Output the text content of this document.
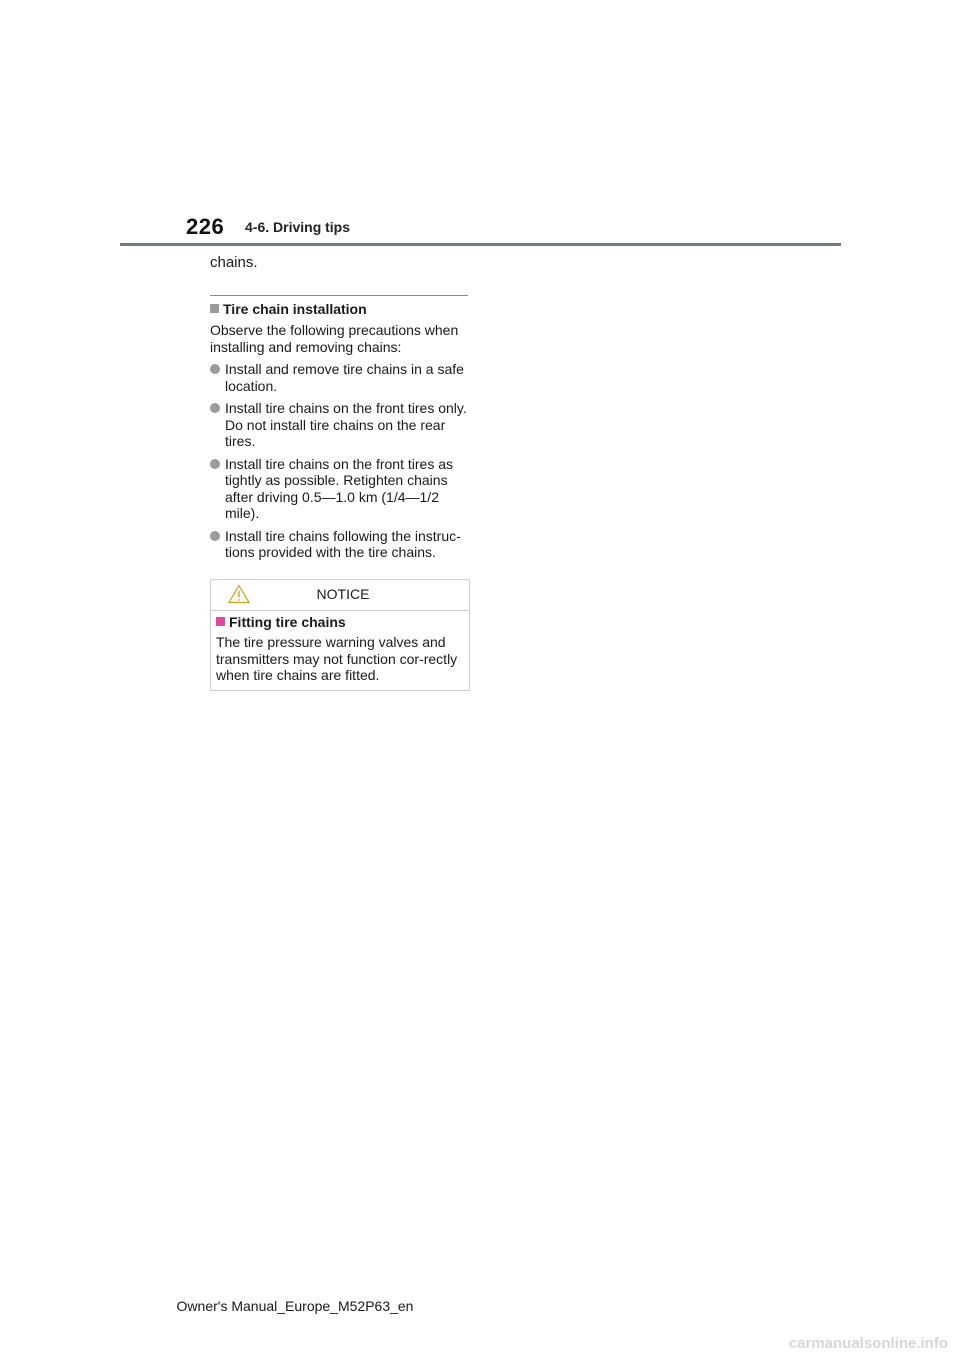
226 4-6. Driving tips

chains.

Tire chain installation

Observe the following precautions when installing and removing chains:

Install and remove tire chains in a safe location.
Install tire chains on the front tires only. Do not install tire chains on the rear tires.
Install tire chains on the front tires as tightly as possible. Retighten chains after driving 0.5—1.0 km (1/4—1/2 mile).
Install tire chains following the instruc-tions provided with the tire chains.
NOTICE
Fitting tire chains

The tire pressure warning valves and transmitters may not function cor-rectly when tire chains are fitted.

Owner's Manual_Europe_M52P63_en
carmanualsonline.info
